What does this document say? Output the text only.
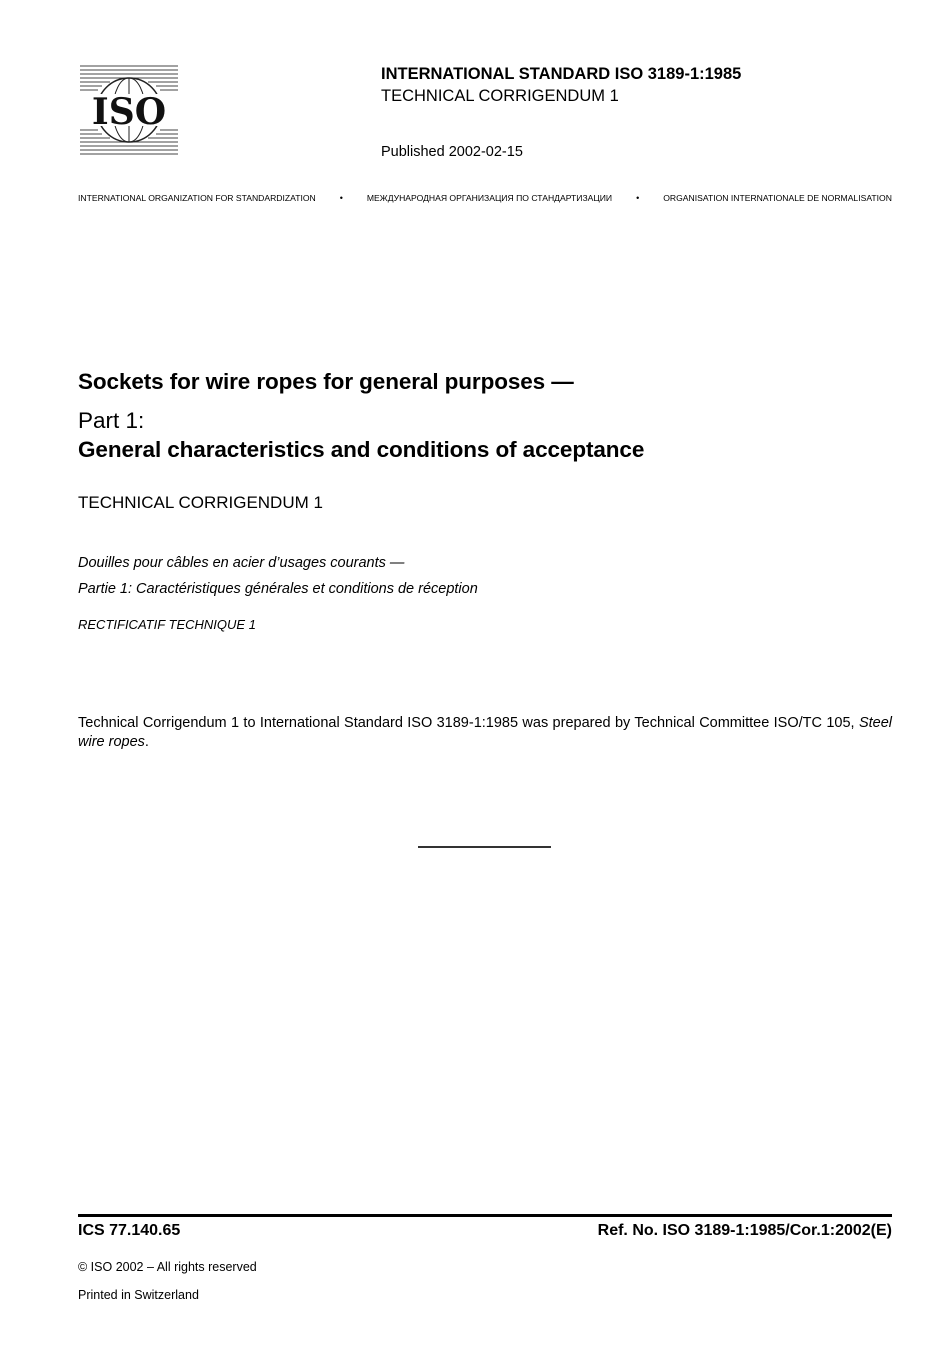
ISO
INTERNATIONAL STANDARD ISO 3189-1:1985
TECHNICAL CORRIGENDUM 1
Published 2002-02-15
INTERNATIONAL ORGANIZATION FOR STANDARDIZATION	•	МЕЖДУНАРОДНАЯ ОРГАНИЗАЦИЯ ПО СТАНДАРТИЗАЦИИ	•	ORGANISATION INTERNATIONALE DE NORMALISATION
Sockets for wire ropes for general purposes —
Part 1:
General characteristics and conditions of acceptance
TECHNICAL CORRIGENDUM 1
Douilles pour câbles en acier d’usages courants —
Partie 1: Caractéristiques générales et conditions de réception
RECTIFICATIF TECHNIQUE 1
Technical Corrigendum 1 to International Standard ISO 3189-1:1985 was prepared by Technical Committee ISO/TC 105, Steel wire ropes.
ICS 77.140.65	Ref. No. ISO 3189-1:1985/Cor.1:2002(E)
© ISO 2002 – All rights reserved
Printed in Switzerland
